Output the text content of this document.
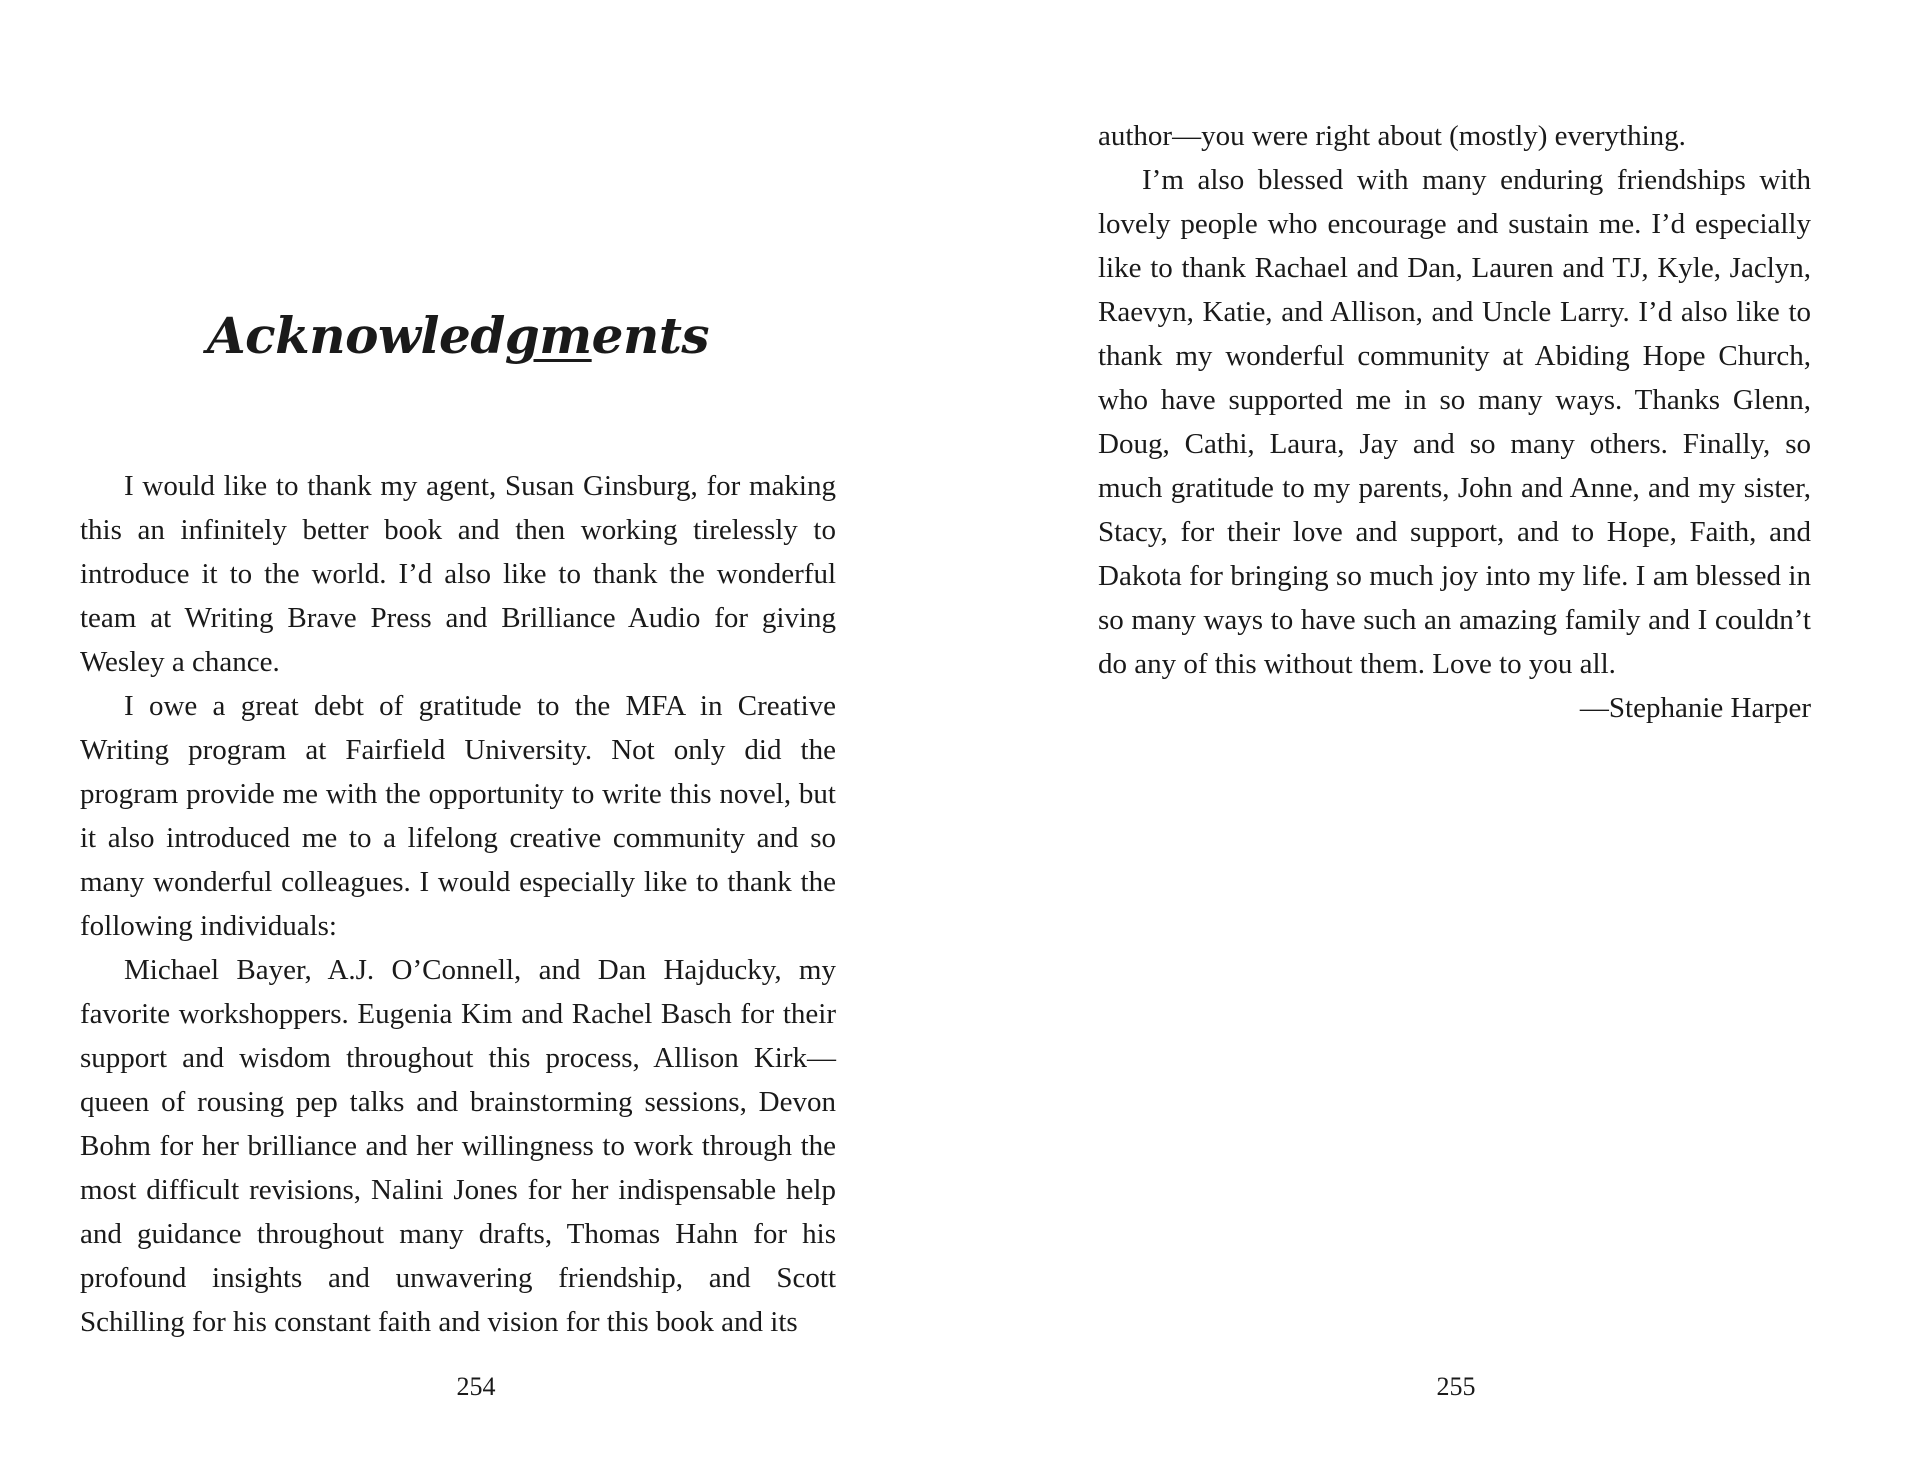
Acknowledgments

I would like to thank my agent, Susan Ginsburg, for making this an infinitely better book and then working tirelessly to introduce it to the world. I’d also like to thank the wonderful team at Writing Brave Press and Brilliance Audio for giving Wesley a chance.

I owe a great debt of gratitude to the MFA in Creative Writing program at Fairfield University. Not only did the program provide me with the opportunity to write this novel, but it also introduced me to a lifelong creative community and so many wonderful colleagues. I would especially like to thank the following individuals:

Michael Bayer, A.J. O’Connell, and Dan Hajducky, my favorite workshoppers. Eugenia Kim and Rachel Basch for their support and wisdom throughout this process, Allison Kirk—queen of rousing pep talks and brainstorming sessions, Devon Bohm for her brilliance and her willingness to work through the most difficult revisions, Nalini Jones for her indispensable help and guidance throughout many drafts, Thomas Hahn for his profound insights and unwavering friendship, and Scott Schilling for his constant faith and vision for this book and its

254

author—you were right about (mostly) everything.

I’m also blessed with many enduring friendships with lovely people who encourage and sustain me. I’d especially like to thank Rachael and Dan, Lauren and TJ, Kyle, Jaclyn, Raevyn, Katie, and Allison, and Uncle Larry. I’d also like to thank my wonderful community at Abiding Hope Church, who have supported me in so many ways. Thanks Glenn, Doug, Cathi, Laura, Jay and so many others. Finally, so much gratitude to my parents, John and Anne, and my sister, Stacy, for their love and support, and to Hope, Faith, and Dakota for bringing so much joy into my life. I am blessed in so many ways to have such an amazing family and I couldn’t do any of this without them. Love to you all.

—Stephanie Harper

255
